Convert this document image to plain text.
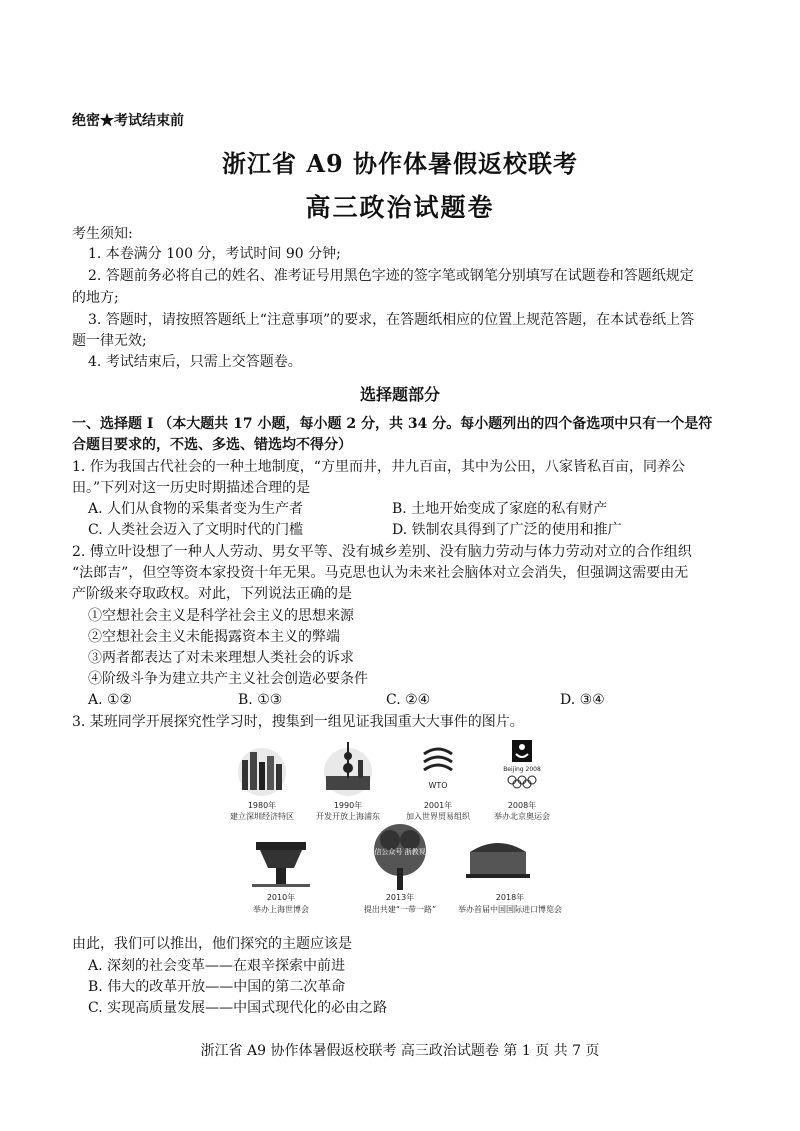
绝密★考试结束前
浙江省 A9 协作体暑假返校联考
高三政治试题卷
考生须知:
1. 本卷满分 100 分，考试时间 90 分钟;
2. 答题前务必将自己的姓名、准考证号用黑色字迹的签字笔或钢笔分别填写在试题卷和答题纸规定
的地方;
3. 答题时，请按照答题纸上“注意事项”的要求，在答题纸相应的位置上规范答题，在本试卷纸上答
题一律无效;
4. 考试结束后，只需上交答题卷。
选择题部分
一、选择题 I （本大题共 17 小题，每小题 2 分，共 34 分。每小题列出的四个备选项中只有一个是符
合题目要求的，不选、多选、错选均不得分）
1. 作为我国古代社会的一种土地制度，“方里而井，井九百亩，其中为公田，八家皆私百亩，同养公
田。”下列对这一历史时期描述合理的是
A. 人们从食物的采集者变为生产者	B. 土地开始变成了家庭的私有财产
C. 人类社会迈入了文明时代的门槛	D. 铁制农具得到了广泛的使用和推广
2. 傅立叶设想了一种人人劳动、男女平等、没有城乡差别、没有脑力劳动与体力劳动对立的合作组织
“法郎吉”，但空等资本家投资十年无果。马克思也认为未来社会脑体对立会消失，但强调这需要由无
产阶级来夺取政权。对此，下列说法正确的是
①空想社会主义是科学社会主义的思想来源
②空想社会主义未能揭露资本主义的弊端
③两者都表达了对未来理想人类社会的诉求
④阶级斗争为建立共产主义社会创造必要条件
A. ①②	B. ①③	C. ②④	D. ③④
3. 某班同学开展探究性学习时，搜集到一组见证我国重大大事件的图片。
WTO
Beijing 2008
1980年
建立深圳经济特区
1990年
开发开放上海浦东
2001年
加入世界贸易组织
2008年
举办北京奥运会
微信公众号 浙教视野
2010年
举办上海世博会
2013年
提出共建“一带一路”
2018年
举办首届中国国际进口博览会
由此，我们可以推出，他们探究的主题应该是
A. 深刻的社会变革——在艰辛探索中前进
B. 伟大的改革开放——中国的第二次革命
C. 实现高质量发展——中国式现代化的必由之路
浙江省 A9 协作体暑假返校联考 高三政治试题卷 第 1 页 共 7 页
